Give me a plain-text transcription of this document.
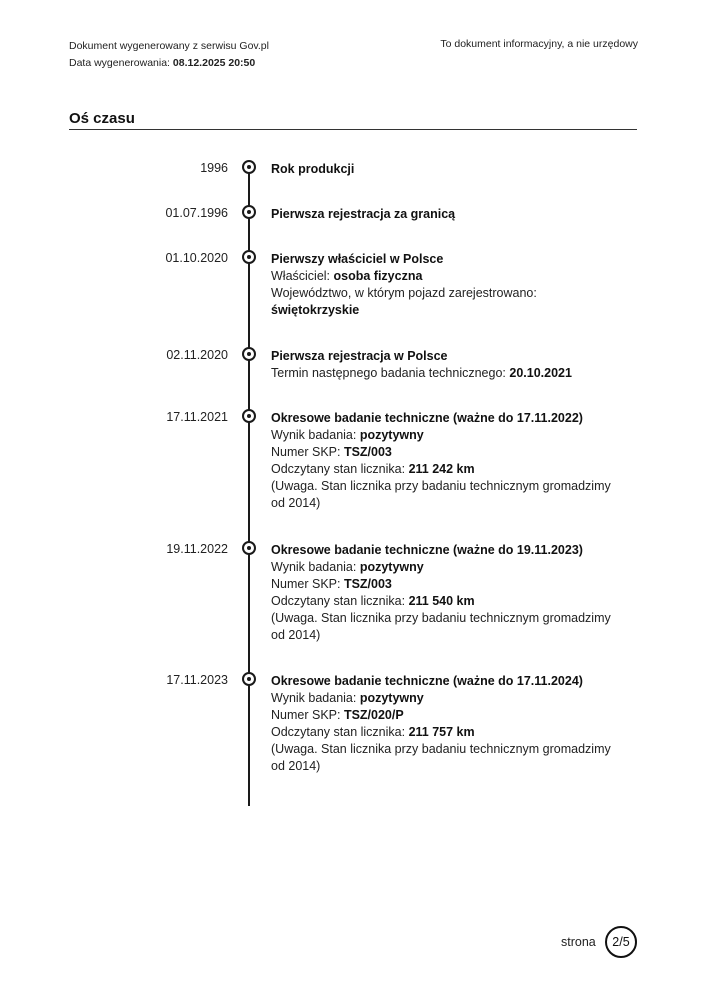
Dokument wygenerowany z serwisu Gov.pl
Data wygenerowania: 08.12.2025 20:50
To dokument informacyjny, a nie urzędowy
Oś czasu
1996	Rok produkcji
01.07.1996	Pierwsza rejestracja za granicą
01.10.2020	Pierwszy właściciel w Polsce
Właściciel: osoba fizyczna
Województwo, w którym pojazd zarejestrowano:
świętokrzyskie
02.11.2020	Pierwsza rejestracja w Polsce
Termin następnego badania technicznego: 20.10.2021
17.11.2021	Okresowe badanie techniczne (ważne do 17.11.2022)
Wynik badania: pozytywny
Numer SKP: TSZ/003
Odczytany stan licznika: 211 242 km
(Uwaga. Stan licznika przy badaniu technicznym gromadzimy od 2014)
19.11.2022	Okresowe badanie techniczne (ważne do 19.11.2023)
Wynik badania: pozytywny
Numer SKP: TSZ/003
Odczytany stan licznika: 211 540 km
(Uwaga. Stan licznika przy badaniu technicznym gromadzimy od 2014)
17.11.2023	Okresowe badanie techniczne (ważne do 17.11.2024)
Wynik badania: pozytywny
Numer SKP: TSZ/020/P
Odczytany stan licznika: 211 757 km
(Uwaga. Stan licznika przy badaniu technicznym gromadzimy od 2014)
strona 2/5
